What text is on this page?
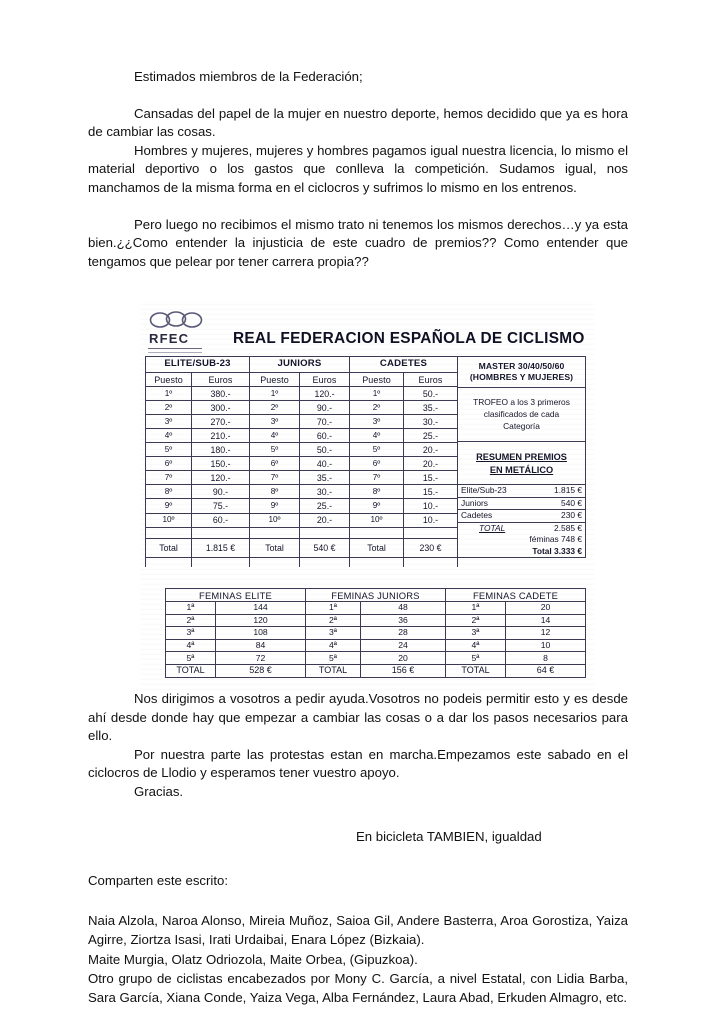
Estimados miembros de la Federación;

Cansadas del papel de la mujer en nuestro deporte, hemos decidido que ya es hora de cambiar las cosas.

Hombres y mujeres, mujeres y hombres pagamos igual nuestra licencia, lo mismo el material deportivo o los gastos que conlleva la competición. Sudamos igual, nos manchamos de la misma forma en el ciclocros y sufrimos lo mismo en los entrenos.

Pero luego no recibimos el mismo trato ni tenemos los mismos derechos…y ya esta bien.¿¿Como entender la injusticia de este cuadro de premios?? Como entender que tengamos que pelear por tener carrera propia??

RFEC	REAL FEDERACION ESPAÑOLA DE CICLISMO
ELITE/SUB-23	JUNIORS	CADETES	MASTER 30/40/50/60
(HOMBRES Y MUJERES)
TROFEO a los 3 primeros
clasificados de cada
Categoría
RESUMEN PREMIOS
EN METÁLICO
Elite/Sub-23	1.815 €
Juniors	540 €
Cadetes	230 €
TOTAL	2.585 €
féminas 748 €
Total 3.333 €

Puesto	Euros	Puesto	Euros	Puesto	Euros	
1º	380.-	1º	120.-	1º	50.-	
2º	300.-	2º	90.-	2º	35.-	
3º	270.-	3º	70.-	3º	30.-	
4º	210.-	4º	60.-	4º	25.-	
5º	180.-	5º	50.-	5º	20.-	
6º	150.-	6º	40.-	6º	20.-	
7º	120.-	7º	35.-	7º	15.-	
8º	90.-	8º	30.-	8º	15.-	
9º	75.-	9º	25.-	9º	10.-	
10º	60.-	10º	20.-	10º	10.-	

Total	1.815 €	Total	540 €	Total	230 €	

FEMINAS ELITE		FEMINAS JUNIORS		FEMINAS CADETE	
1ª	144	1ª	48	1ª	20
2ª	120	2ª	36	2ª	14
3ª	108	3ª	28	3ª	12
4ª	84	4ª	24	4ª	10
5ª	72	5ª	20	5ª	8
TOTAL	528 €	TOTAL	156 €	TOTAL	64 €

Nos dirigimos a vosotros a pedir ayuda.Vosotros no podeis permitir esto y es desde ahí desde donde hay que empezar a cambiar las cosas o a dar los pasos necesarios para ello.

Por nuestra parte las protestas estan en marcha.Empezamos este sabado en el ciclocros de Llodio y esperamos tener vuestro apoyo.

Gracias.

En bicicleta TAMBIEN, igualdad
Comparten este escrito:
Naia Alzola, Naroa Alonso, Mireia Muñoz, Saioa Gil, Andere Basterra, Aroa Gorostiza, Yaiza Agirre, Ziortza Isasi, Irati Urdaibai, Enara López (Bizkaia).
Maite Murgia, Olatz Odriozola, Maite Orbea, (Gipuzkoa).
Otro grupo de ciclistas encabezados por Mony C. García, a nivel Estatal, con Lidia Barba, Sara García, Xiana Conde, Yaiza Vega, Alba Fernández, Laura Abad, Erkuden Almagro, etc.
